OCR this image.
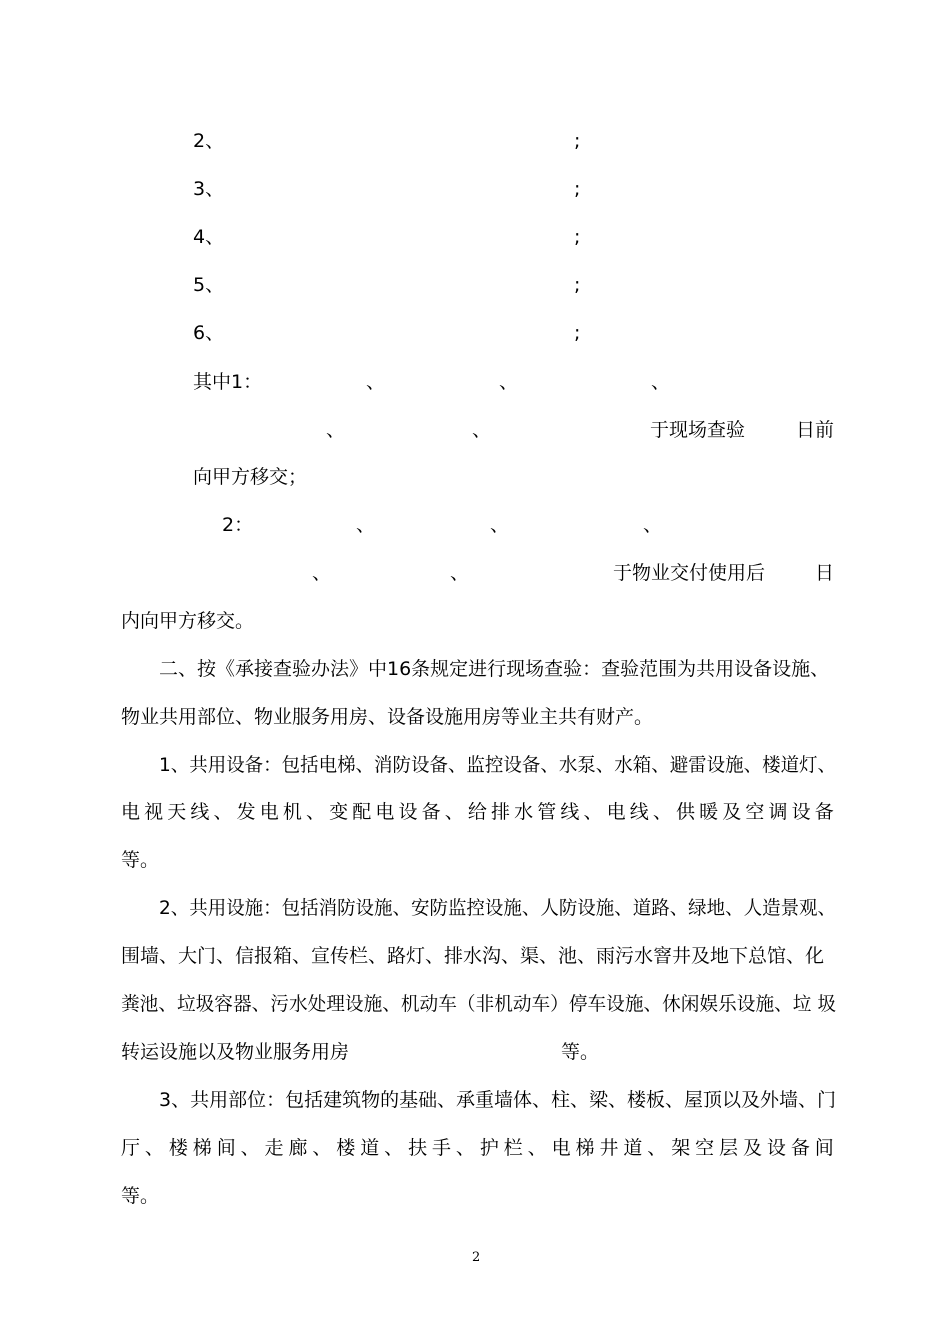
2、	;
3、	;
4、	;
5、	;
6、	;
其中1：	、	、	、
、	、	于现场查验	日前
向甲方移交；
2：	、	、	、
、	、	于物业交付使用后	日
内向甲方移交。
二、按《承接查验办法》中16条规定进行现场查验：查验范围为共用设备设施、
物业共用部位、物业服务用房、设备设施用房等业主共有财产。
1、共用设备：包括电梯、消防设备、监控设备、水泵、水箱、避雷设施、楼道灯、
电 视 天 线 、 发 电 机 、 变 配 电 设 备 、 给 排 水 管 线 、 电 线 、 供 暖 及 空 调 设 备
等。
2、共用设施：包括消防设施、安防监控设施、人防设施、道路、绿地、人造景观、
围墙、大门、信报箱、宣传栏、路灯、排水沟、渠、池、雨污水窨井及地下总馆、化
粪池、垃圾容器、污水处理设施、机动车（非机动车）停车设施、休闲娱乐设施、垃 圾
转运设施以及物业服务用房	等。
3、共用部位：包括建筑物的基础、承重墙体、柱、梁、楼板、屋顶以及外墙、门
厅 、 楼 梯 间 、 走 廊 、 楼 道 、 扶 手 、 护 栏 、 电 梯 井 道 、 架 空 层 及 设 备 间
等。
2
